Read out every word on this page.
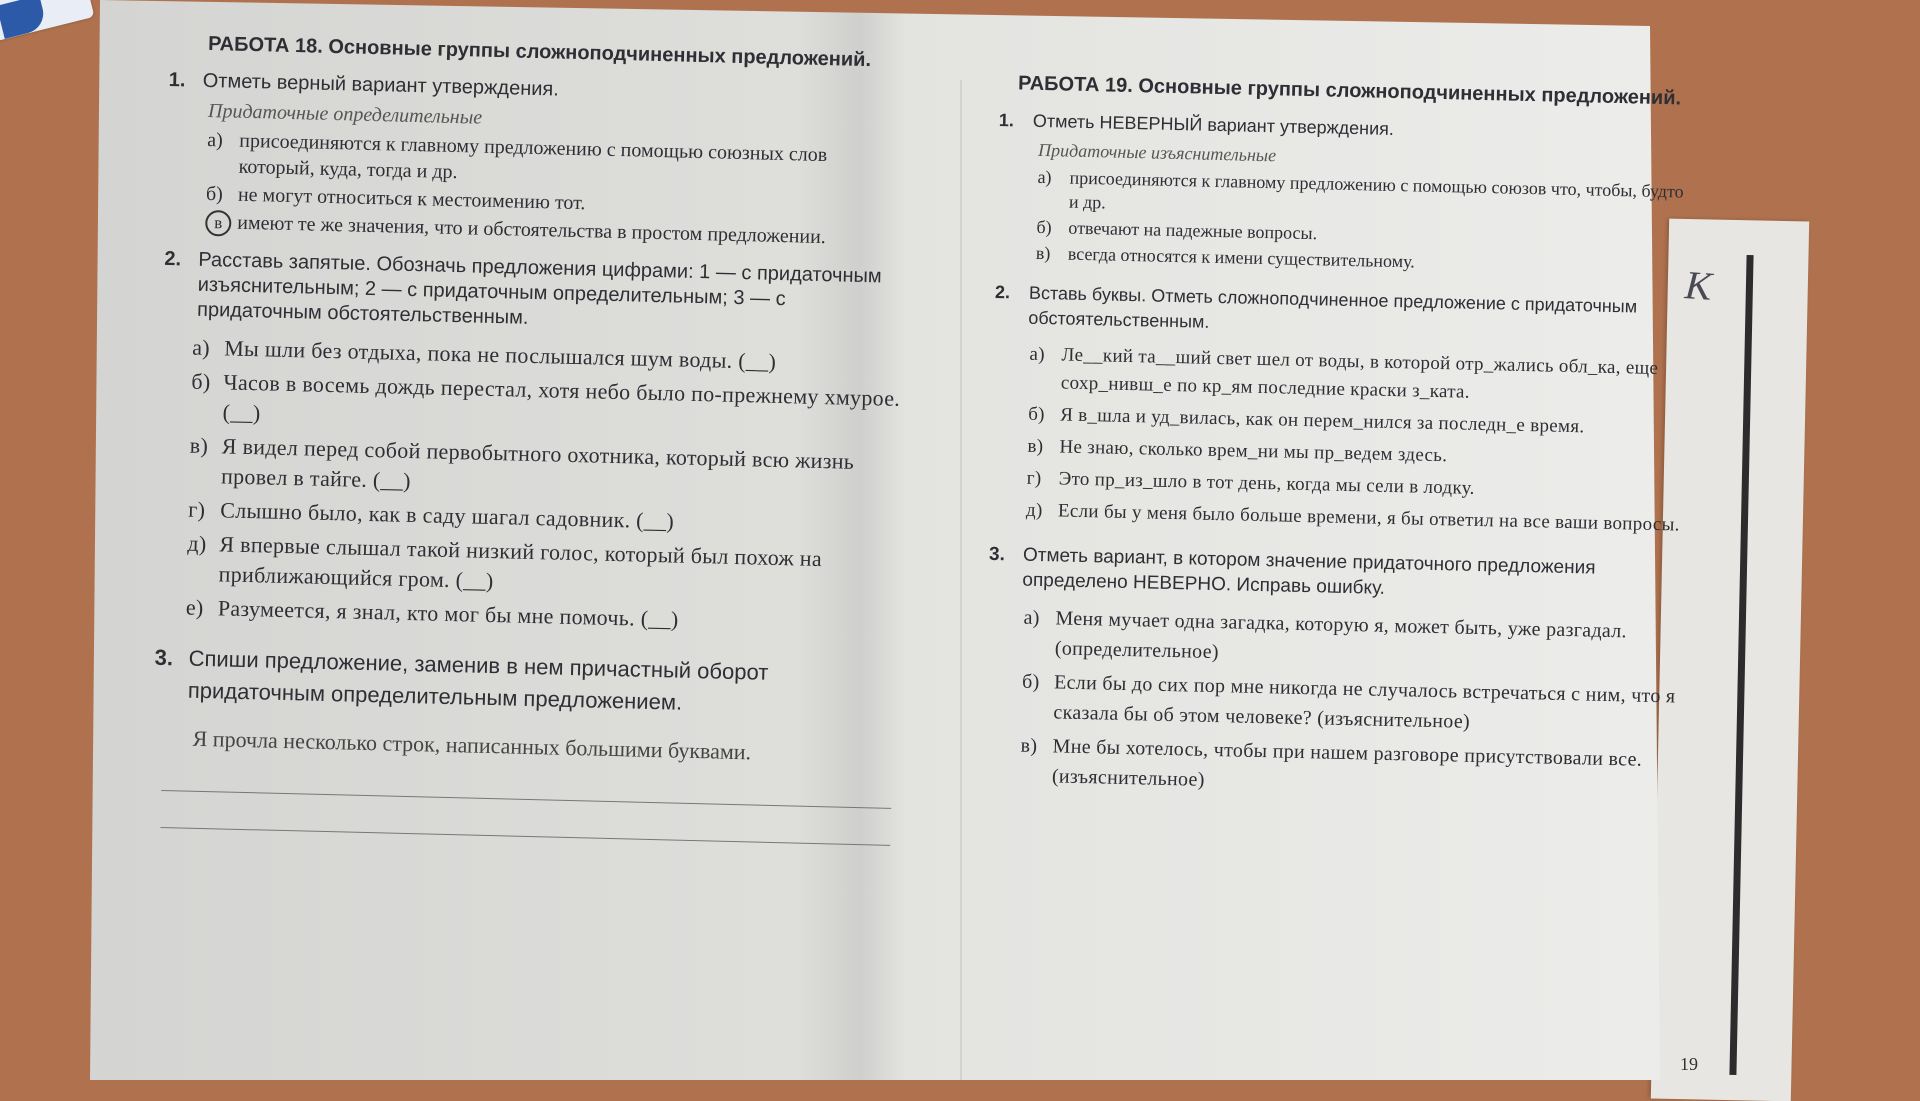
К
РАБОТА 18. Основные группы сложноподчиненных предложений.
1. Отметь верный вариант утверждения.
Придаточные определительные
а) присоединяются к главному предложению с помощью союзных слов который, куда, тогда и др.
б) не могут относиться к местоимению тот.
в имеют те же значения, что и обстоятельства в простом предложении.
2. Расставь запятые. Обозначь предложения цифрами: 1 — с придаточным изъяснительным; 2 — с придаточным определительным; 3 — с придаточным обстоятельственным.
а) Мы шли без отдыха, пока не послышался шум воды. (__)
б) Часов в восемь дождь перестал, хотя небо было по-прежнему хмурое. (__)
в) Я видел перед собой первобытного охотника, который всю жизнь провел в тайге. (__)
г) Слышно было, как в саду шагал садовник. (__)
д) Я впервые слышал такой низкий голос, который был похож на приближающийся гром. (__)
е) Разумеется, я знал, кто мог бы мне помочь. (__)
3. Спиши предложение, заменив в нем причастный оборот придаточным определительным предложением.
Я прочла несколько строк, написанных большими буквами.
РАБОТА 19. Основные группы сложноподчиненных предложений.
1.	Отметь НЕВЕРНЫЙ вариант утверждения.
Придаточные изъяснительные
а) присоединяются к главному предложению с помощью союзов что, чтобы, будто и др.
б) отвечают на падежные вопросы.
в) всегда относятся к имени существительному.
2.	Вставь буквы. Отметь сложноподчиненное предложение с придаточным обстоятельственным.
а) Ле__кий та__ший свет шел от воды, в которой отр_жались обл_ка, еще сохр_нивш_е по кр_ям последние краски з_ката.
б) Я в_шла и уд_вилась, как он перем_нился за последн_е время.
в) Не знаю, сколько врем_ни мы пр_ведем здесь.
г) Это пр_из_шло в тот день, когда мы сели в лодку.
д) Если бы у меня было больше времени, я бы ответил на все ваши вопросы.
3. Отметь вариант, в котором значение придаточного предложения определено НЕВЕРНО. Исправь ошибку.
а) Меня мучает одна загадка, которую я, может быть, уже разгадал. (определительное)
б) Если бы до сих пор мне никогда не случалось встречаться с ним, что я сказала бы об этом человеке? (изъяснительное)
в) Мне бы хотелось, чтобы при нашем разговоре присутствовали все. (изъяснительное)
19
